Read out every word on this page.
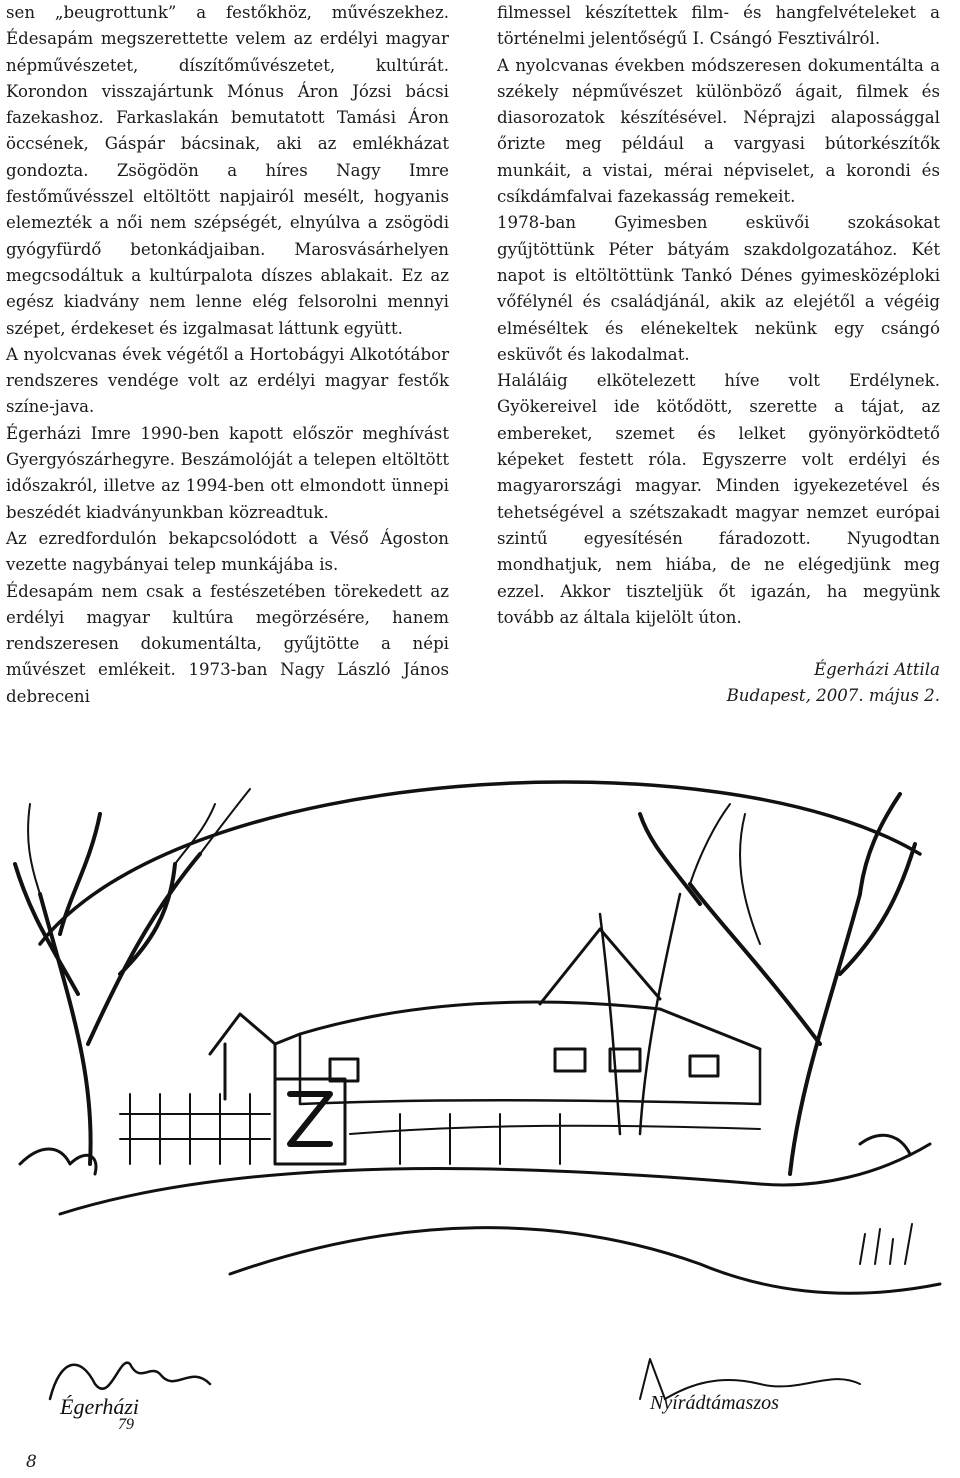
sen „beugrottunk” a festőkhöz, művészekhez. Édesapám megszerettette velem az erdélyi magyar népművészetet, díszítőművészetet, kultúrát. Korondon visszajártunk Mónus Áron Józsi bácsi fazekashoz. Farkaslakán bemutatott Tamási Áron öccsének, Gáspár bácsinak, aki az emlékházat gondozta. Zsögödön a híres Nagy Imre festőművésszel eltöltött napjairól mesélt, hogyanis elemezték a női nem szépségét, elnyúlva a zsögödi gyógyfürdő betonkádjaiban. Marosvásárhelyen megcsodáltuk a kultúrpalota díszes ablakait. Ez az egész kiadvány nem lenne elég felsorolni mennyi szépet, érdekeset és izgalmasat láttunk együtt.

A nyolcvanas évek végétől a Hortobágyi Alkotótábor rendszeres vendége volt az erdélyi magyar festők színe-java.

Égerházi Imre 1990-ben kapott először meghívást Gyergyószárhegyre. Beszámolóját a telepen eltöltött időszakról, illetve az 1994-ben ott elmondott ünnepi beszédét kiadványunkban közreadtuk.

Az ezredfordulón bekapcsolódott a Véső Ágoston vezette nagybányai telep munkájába is.

Édesapám nem csak a festészetében törekedett az erdélyi magyar kultúra megörzésére, hanem rendszeresen dokumentálta, gyűjtötte a népi művészet emlékeit. 1973-ban Nagy László János debreceni

filmessel készítettek film- és hangfelvételeket a történelmi jelentőségű I. Csángó Fesztiválról.

A nyolcvanas években módszeresen dokumentálta a székely népművészet különböző ágait, filmek és diasorozatok készítésével. Néprajzi alapossággal őrizte meg például a vargyasi bútorkészítők munkáit, a vistai, mérai népviselet, a korondi és csíkdámfalvai fazekasság remekeit.

1978-ban Gyimesben esküvői szokásokat gyűjtöttünk Péter bátyám szakdolgozatához. Két napot is eltöltöttünk Tankó Dénes gyimesközéploki vőfélynél és családjánál, akik az elejétől a végéig elméséltek és elénekeltek nekünk egy csángó esküvőt és lakodalmat.

Haláláig elkötelezett híve volt Erdélynek. Gyökereivel ide kötődött, szerette a tájat, az embereket, szemet és lelket gyönyörködtető képeket festett róla. Egyszerre volt erdélyi és magyarországi magyar. Minden igyekezetével és tehetségével a szétszakadt magyar nemzet európai szintű egyesítésén fáradozott. Nyugodtan mondhatjuk, nem hiába, de ne elégedjünk meg ezzel. Akkor tiszteljük őt igazán, ha megyünk tovább az általa kijelölt úton.

Égerházi Attila
Budapest, 2007. május 2.

79
Égerházi	Nyírádtámaszos
8
